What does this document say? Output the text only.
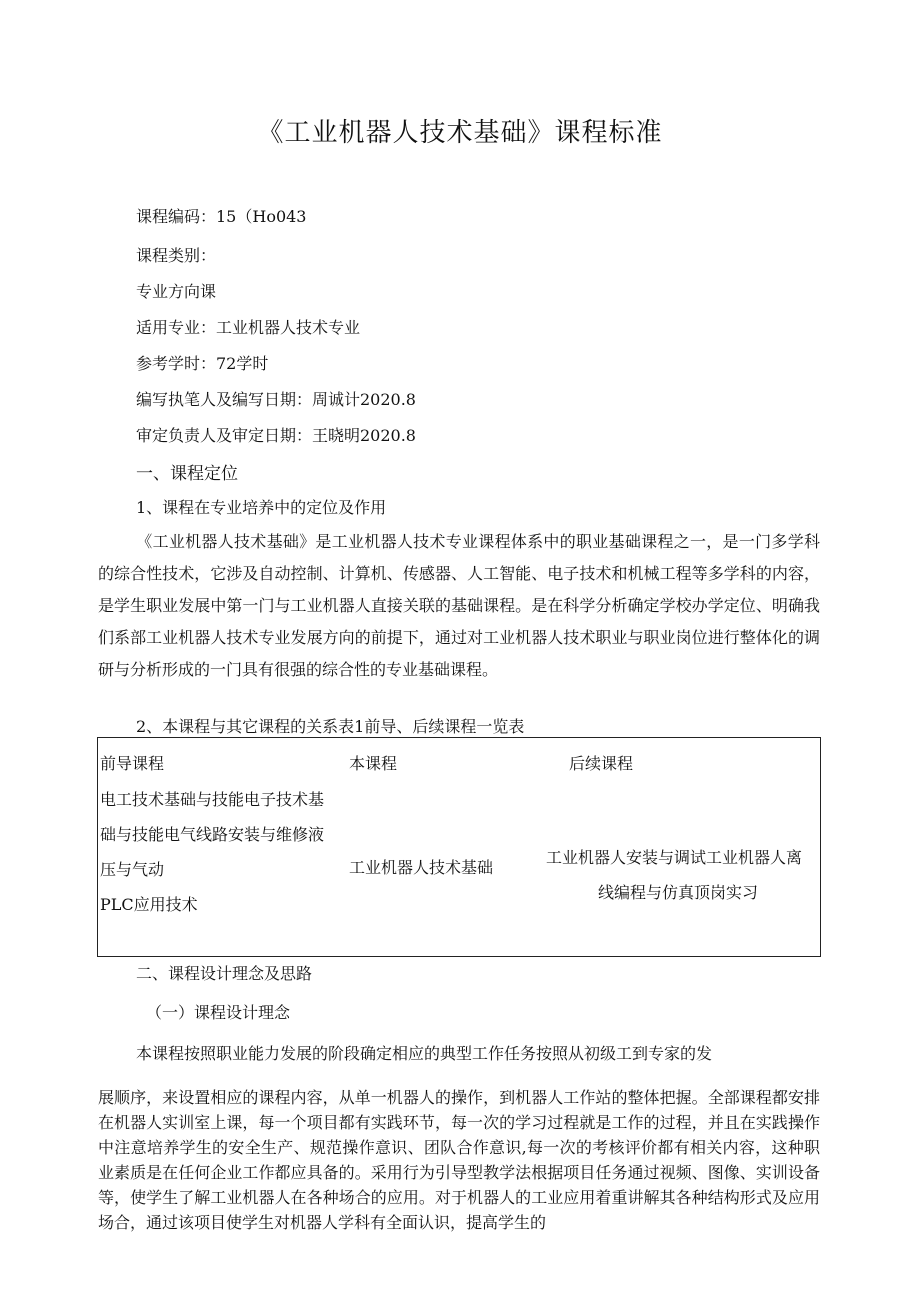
《工业机器人技术基础》课程标准
课程编码：15（Ho043
课程类别：
专业方向课
适用专业：工业机器人技术专业
参考学时：72学时
编写执笔人及编写日期：周诚计2020.8
审定负责人及审定日期：王晓明2020.8
一、课程定位
1、课程在专业培养中的定位及作用
《工业机器人技术基础》是工业机器人技术专业课程体系中的职业基础课程之一，是一门多学科的综合性技术，它涉及自动控制、计算机、传感器、人工智能、电子技术和机械工程等多学科的内容，是学生职业发展中第一门与工业机器人直接关联的基础课程。是在科学分析确定学校办学定位、明确我们系部工业机器人技术专业发展方向的前提下，通过对工业机器人技术职业与职业岗位进行整体化的调研与分析形成的一门具有很强的综合性的专业基础课程。
2、本课程与其它课程的关系表1前导、后续课程一览表
前导课程	本课程	后续课程
电工技术基础与技能电子技术基
础与技能电气线路安装与维修液
压与气动
PLC应用技术
工业机器人技术基础
工业机器人安装与调试工业机器人离
线编程与仿真顶岗实习
二、课程设计理念及思路
（一）课程设计理念
本课程按照职业能力发展的阶段确定相应的典型工作任务按照从初级工到专家的发
展顺序，来设置相应的课程内容，从单一机器人的操作，到机器人工作站的整体把握。全部课程都安排在机器人实训室上课，每一个项目都有实践环节，每一次的学习过程就是工作的过程，并且在实践操作中注意培养学生的安全生产、规范操作意识、团队合作意识,每一次的考核评价都有相关内容，这种职业素质是在任何企业工作都应具备的。采用行为引导型教学法根据项目任务通过视频、图像、实训设备等，使学生了解工业机器人在各种场合的应用。对于机器人的工业应用着重讲解其各种结构形式及应用场合，通过该项目使学生对机器人学科有全面认识，提高学生的
